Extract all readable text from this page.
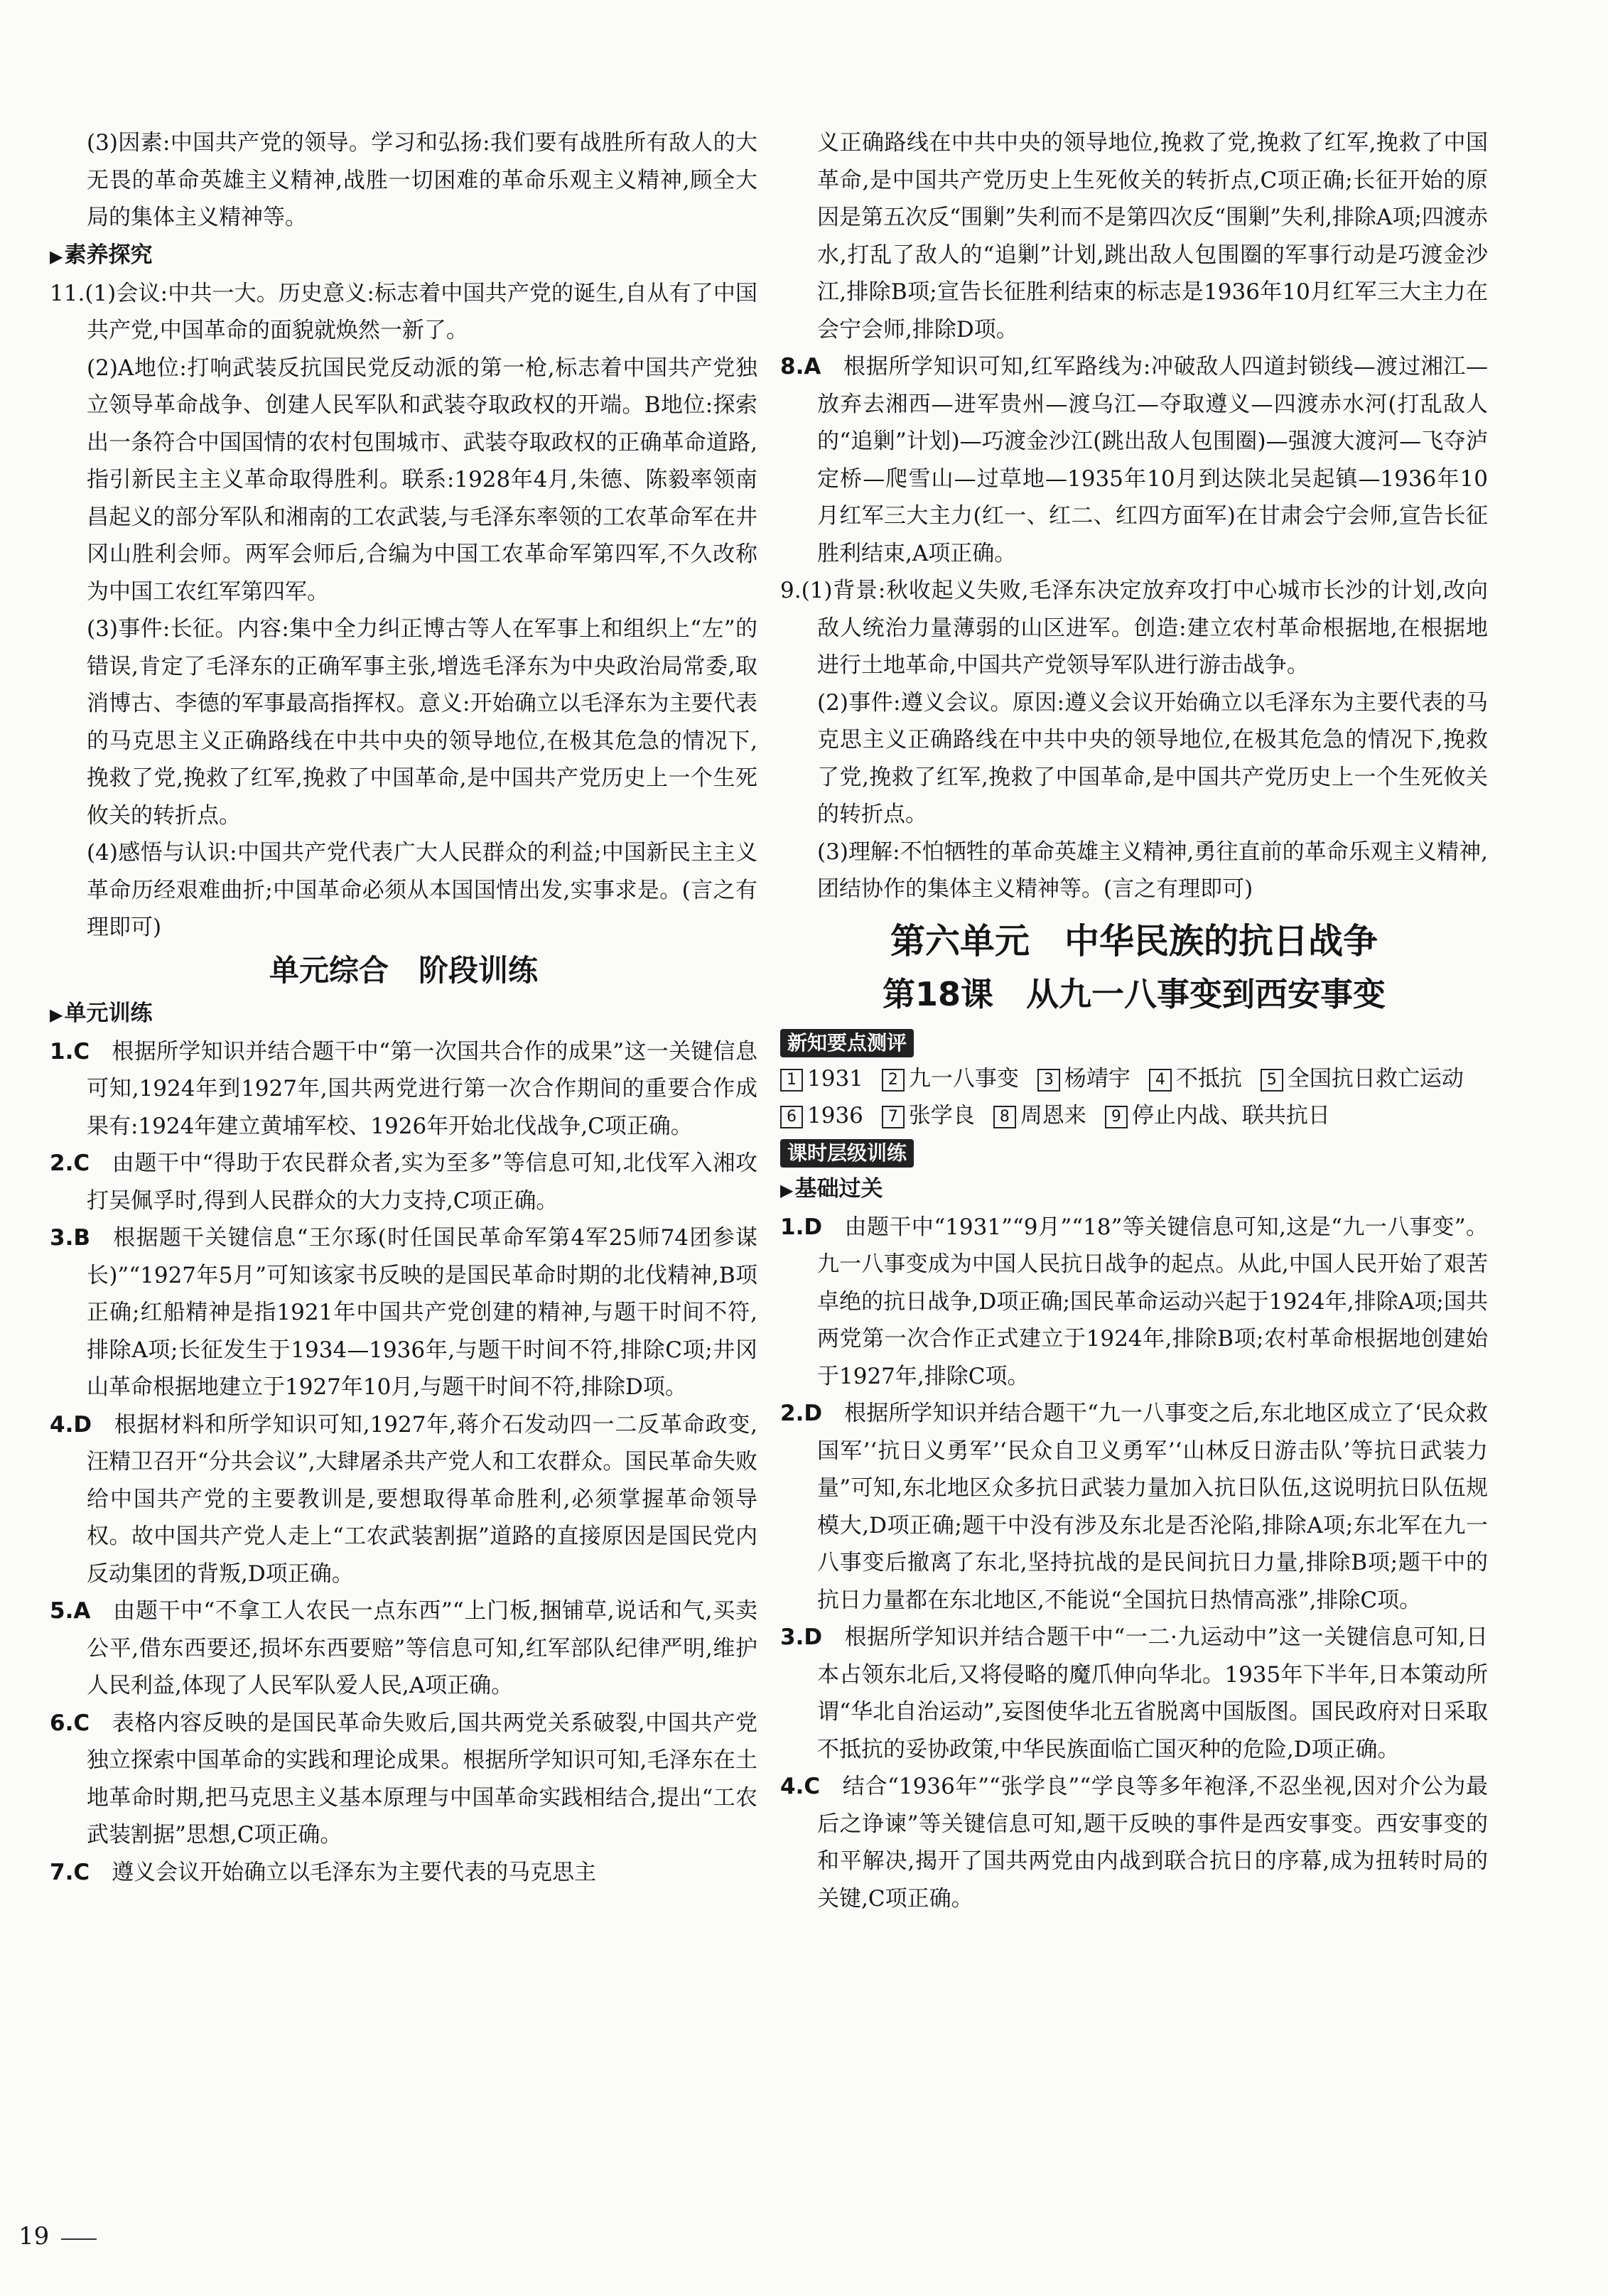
(3)因素:中国共产党的领导。学习和弘扬:我们要有战胜所有敌人的大无畏的革命英雄主义精神,战胜一切困难的革命乐观主义精神,顾全大局的集体主义精神等。

▶素养探究

11.(1)会议:中共一大。历史意义:标志着中国共产党的诞生,自从有了中国共产党,中国革命的面貌就焕然一新了。

(2)A地位:打响武装反抗国民党反动派的第一枪,标志着中国共产党独立领导革命战争、创建人民军队和武装夺取政权的开端。B地位:探索出一条符合中国国情的农村包围城市、武装夺取政权的正确革命道路,指引新民主主义革命取得胜利。联系:1928年4月,朱德、陈毅率领南昌起义的部分军队和湘南的工农武装,与毛泽东率领的工农革命军在井冈山胜利会师。两军会师后,合编为中国工农革命军第四军,不久改称为中国工农红军第四军。

(3)事件:长征。内容:集中全力纠正博古等人在军事上和组织上“左”的错误,肯定了毛泽东的正确军事主张,增选毛泽东为中央政治局常委,取消博古、李德的军事最高指挥权。意义:开始确立以毛泽东为主要代表的马克思主义正确路线在中共中央的领导地位,在极其危急的情况下,挽救了党,挽救了红军,挽救了中国革命,是中国共产党历史上一个生死攸关的转折点。

(4)感悟与认识:中国共产党代表广大人民群众的利益;中国新民主主义革命历经艰难曲折;中国革命必须从本国国情出发,实事求是。(言之有理即可)

单元综合　阶段训练

▶单元训练

1.C  根据所学知识并结合题干中“第一次国共合作的成果”这一关键信息可知,1924年到1927年,国共两党进行第一次合作期间的重要合作成果有:1924年建立黄埔军校、1926年开始北伐战争,C项正确。

2.C  由题干中“得助于农民群众者,实为至多”等信息可知,北伐军入湘攻打吴佩孚时,得到人民群众的大力支持,C项正确。

3.B  根据题干关键信息“王尔琢(时任国民革命军第4军25师74团参谋长)”“1927年5月”可知该家书反映的是国民革命时期的北伐精神,B项正确;红船精神是指1921年中国共产党创建的精神,与题干时间不符,排除A项;长征发生于1934—1936年,与题干时间不符,排除C项;井冈山革命根据地建立于1927年10月,与题干时间不符,排除D项。

4.D  根据材料和所学知识可知,1927年,蒋介石发动四一二反革命政变,汪精卫召开“分共会议”,大肆屠杀共产党人和工农群众。国民革命失败给中国共产党的主要教训是,要想取得革命胜利,必须掌握革命领导权。故中国共产党人走上“工农武装割据”道路的直接原因是国民党内反动集团的背叛,D项正确。

5.A  由题干中“不拿工人农民一点东西”“上门板,捆铺草,说话和气,买卖公平,借东西要还,损坏东西要赔”等信息可知,红军部队纪律严明,维护人民利益,体现了人民军队爱人民,A项正确。

6.C  表格内容反映的是国民革命失败后,国共两党关系破裂,中国共产党独立探索中国革命的实践和理论成果。根据所学知识可知,毛泽东在土地革命时期,把马克思主义基本原理与中国革命实践相结合,提出“工农武装割据”思想,C项正确。

7.C  遵义会议开始确立以毛泽东为主要代表的马克思主

义正确路线在中共中央的领导地位,挽救了党,挽救了红军,挽救了中国革命,是中国共产党历史上生死攸关的转折点,C项正确;长征开始的原因是第五次反“围剿”失利而不是第四次反“围剿”失利,排除A项;四渡赤水,打乱了敌人的“追剿”计划,跳出敌人包围圈的军事行动是巧渡金沙江,排除B项;宣告长征胜利结束的标志是1936年10月红军三大主力在会宁会师,排除D项。

8.A  根据所学知识可知,红军路线为:冲破敌人四道封锁线—渡过湘江—放弃去湘西—进军贵州—渡乌江—夺取遵义—四渡赤水河(打乱敌人的“追剿”计划)—巧渡金沙江(跳出敌人包围圈)—强渡大渡河—飞夺泸定桥—爬雪山—过草地—1935年10月到达陕北吴起镇—1936年10月红军三大主力(红一、红二、红四方面军)在甘肃会宁会师,宣告长征胜利结束,A项正确。

9.(1)背景:秋收起义失败,毛泽东决定放弃攻打中心城市长沙的计划,改向敌人统治力量薄弱的山区进军。创造:建立农村革命根据地,在根据地进行土地革命,中国共产党领导军队进行游击战争。

(2)事件:遵义会议。原因:遵义会议开始确立以毛泽东为主要代表的马克思主义正确路线在中共中央的领导地位,在极其危急的情况下,挽救了党,挽救了红军,挽救了中国革命,是中国共产党历史上一个生死攸关的转折点。

(3)理解:不怕牺牲的革命英雄主义精神,勇往直前的革命乐观主义精神,团结协作的集体主义精神等。(言之有理即可)

第六单元　中华民族的抗日战争

第18课　从九一八事变到西安事变

新知要点测评
1 1931 2 九一八事变 3 杨靖宇 4 不抵抗 5 全国抗日救亡运动6 1936 7 张学良 8 周恩来 9 停止内战、联共抗日
课时层级训练

▶基础过关

1.D  由题干中“1931”“9月”“18”等关键信息可知,这是“九一八事变”。九一八事变成为中国人民抗日战争的起点。从此,中国人民开始了艰苦卓绝的抗日战争,D项正确;国民革命运动兴起于1924年,排除A项;国共两党第一次合作正式建立于1924年,排除B项;农村革命根据地创建始于1927年,排除C项。

2.D  根据所学知识并结合题干“九一八事变之后,东北地区成立了‘民众救国军’‘抗日义勇军’‘民众自卫义勇军’‘山林反日游击队’等抗日武装力量”可知,东北地区众多抗日武装力量加入抗日队伍,这说明抗日队伍规模大,D项正确;题干中没有涉及东北是否沦陷,排除A项;东北军在九一八事变后撤离了东北,坚持抗战的是民间抗日力量,排除B项;题干中的抗日力量都在东北地区,不能说“全国抗日热情高涨”,排除C项。

3.D  根据所学知识并结合题干中“一二·九运动中”这一关键信息可知,日本占领东北后,又将侵略的魔爪伸向华北。1935年下半年,日本策动所谓“华北自治运动”,妄图使华北五省脱离中国版图。国民政府对日采取不抵抗的妥协政策,中华民族面临亡国灭种的危险,D项正确。

4.C  结合“1936年”“张学良”“学良等多年袍泽,不忍坐视,因对介公为最后之诤谏”等关键信息可知,题干反映的事件是西安事变。西安事变的和平解决,揭开了国共两党由内战到联合抗日的序幕,成为扭转时局的关键,C项正确。

19
